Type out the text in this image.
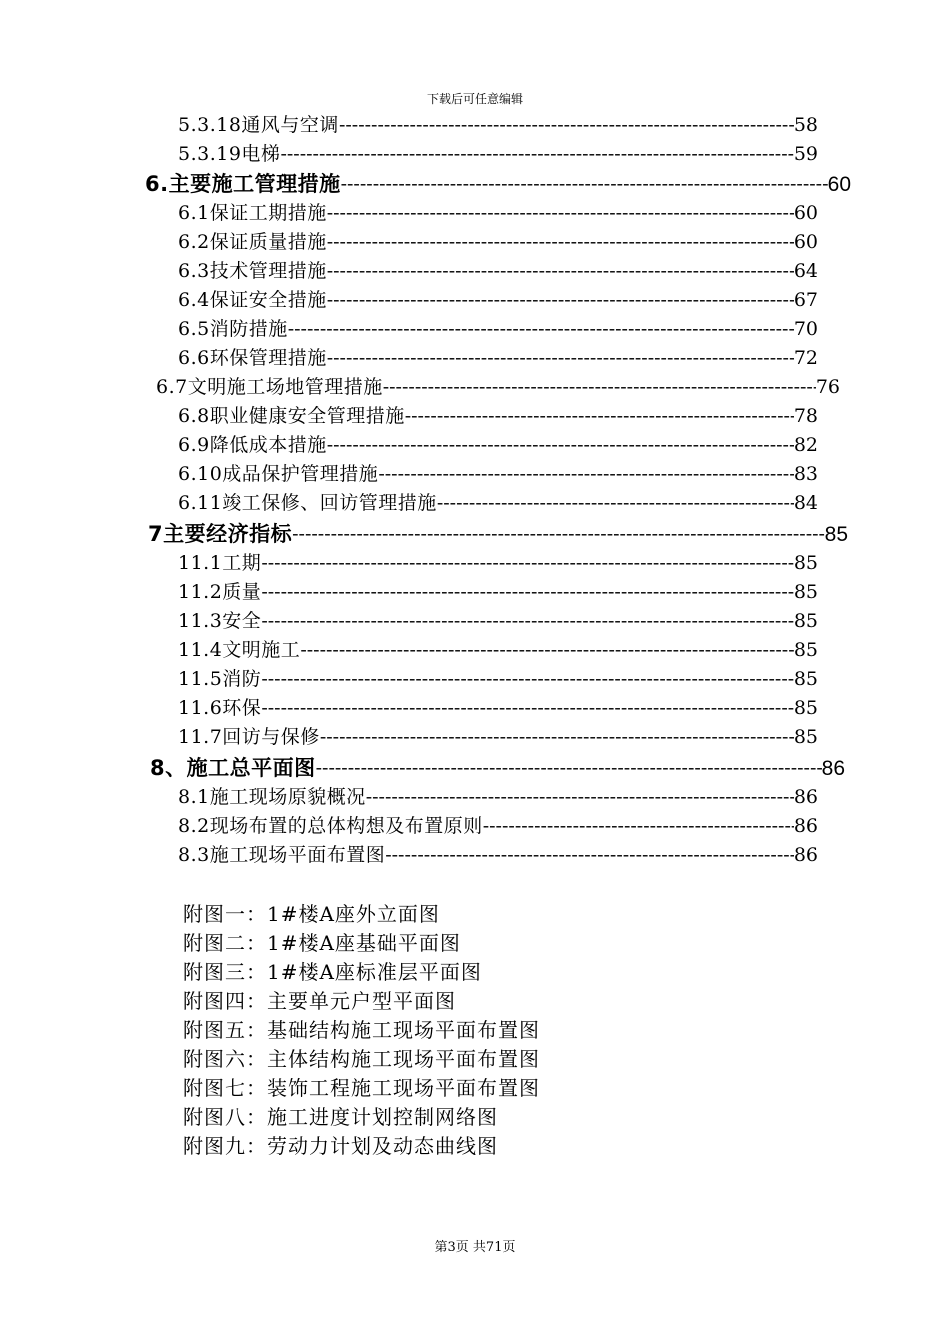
下载后可任意编辑
5.3.18通风与空调 -----	58
5.3.19电梯 -----	59
6.主要施工管理措施 -----	60
6.1保证工期措施 -----	60
6.2保证质量措施 -----	60
6.3技术管理措施 -----	64
6.4保证安全措施 -----	67
6.5消防措施 -----	70
6.6环保管理措施 -----	72
6.7文明施工场地管理措施 -----	76
6.8职业健康安全管理措施 -----	78
6.9降低成本措施 -----	82
6.10成品保护管理措施 -----	83
6.11竣工保修、回访管理措施 -----	84
7主要经济指标 -----	85
11.1工期 -----	85
11.2质量 -----	85
11.3安全 -----	85
11.4文明施工 -----	85
11.5消防 -----	85
11.6环保 -----	85
11.7回访与保修 -----	85
8、施工总平面图 -----	86
8.1施工现场原貌概况 -----	86
8.2现场布置的总体构想及布置原则 -----	86
8.3施工现场平面布置图 -----	86
附图一：1#楼A座外立面图
附图二：1#楼A座基础平面图
附图三：1#楼A座标准层平面图
附图四：主要单元户型平面图
附图五：基础结构施工现场平面布置图
附图六：主体结构施工现场平面布置图
附图七：装饰工程施工现场平面布置图
附图八：施工进度计划控制网络图
附图九：劳动力计划及动态曲线图
第3页 共71页
